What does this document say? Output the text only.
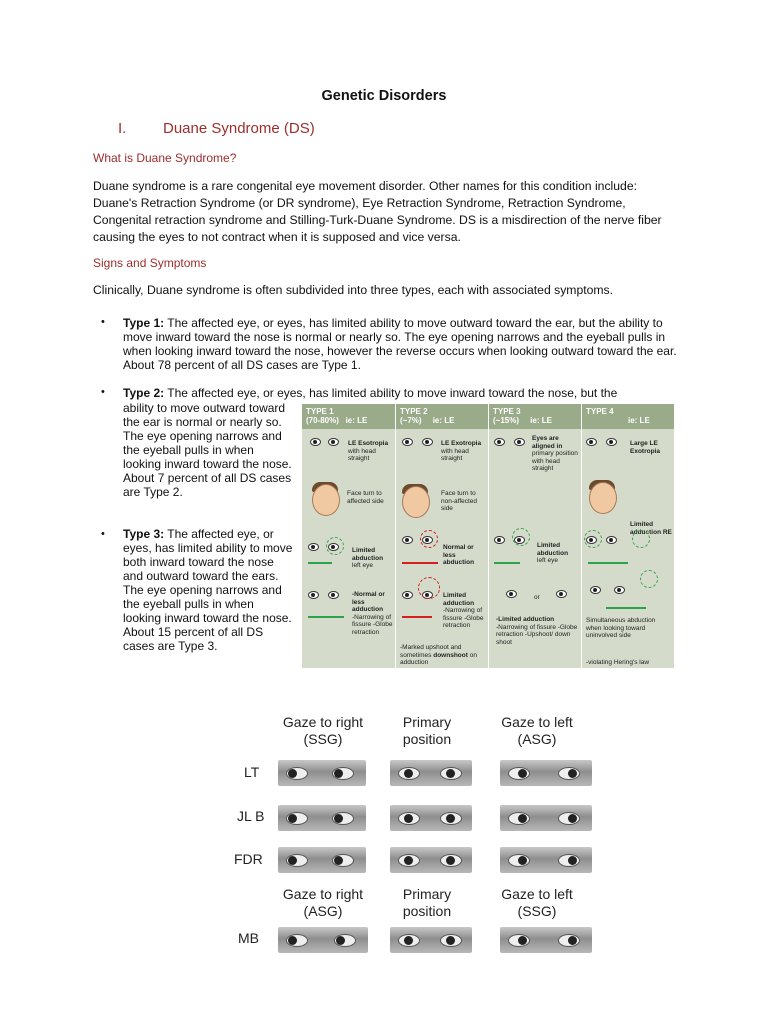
Genetic Disorders
I. Duane Syndrome (DS)
What is Duane Syndrome?
Duane syndrome is a rare congenital eye movement disorder. Other names for this condition include: Duane's Retraction Syndrome (or DR syndrome), Eye Retraction Syndrome, Retraction Syndrome, Congenital retraction syndrome and Stilling-Turk-Duane Syndrome. DS is a misdirection of the nerve fiber causing the eyes to not contract when it is supposed and vice versa.
Signs and Symptoms
Clinically, Duane syndrome is often subdivided into three types, each with associated symptoms.
• Type 1: The affected eye, or eyes, has limited ability to move outward toward the ear, but the ability to move inward toward the nose is normal or nearly so. The eye opening narrows and the eyeball pulls in when looking inward toward the nose, however the reverse occurs when looking outward toward the ear. About 78 percent of all DS cases are Type 1.
• Type 2: The affected eye, or eyes, has limited ability to move inward toward the nose, but the
ability to move outward toward the ear is normal or nearly so. The eye opening narrows and the eyeball pulls in when looking inward toward the nose. About 7 percent of all DS cases are Type 2.
• Type 3: The affected eye, or eyes, has limited ability to move both inward toward the nose and outward toward the ears. The eye opening narrows and the eyeball pulls in when looking inward toward the nose. About 15 percent of all DS cases are Type 3.
TYPE 1
(70-80%) ie: LE
TYPE 2
(~7%) ie: LE
TYPE 3
(~15%) ie: LE
TYPE 4
ie: LE
LE Esotropia
with head straight
Face turn to affected side
Limited abduction
left eye
-Normal or less adduction
-Narrowing of fissure -Globe retraction
LE Exotropia
with head straight
Face turn to non-affected side
Normal or less abduction
Limited adduction
-Narrowing of fissure -Globe retraction
-Marked upshoot and sometimes downshoot on adduction
Eyes are aligned in
primary position with head straight
Limited abduction
left eye
or
-Limited adduction
-Narrowing of fissure -Globe retraction -Upshoot/ down shoot
Large LE Exotropia
Limited adduction RE
Simultaneous abduction when looking toward uninvolved side
-violating Hering's law
Gaze to right (SSG)
Primary position
Gaze to left (ASG)
LT
JL B
FDR
Gaze to right (ASG)
Primary position
Gaze to left (SSG)
MB
